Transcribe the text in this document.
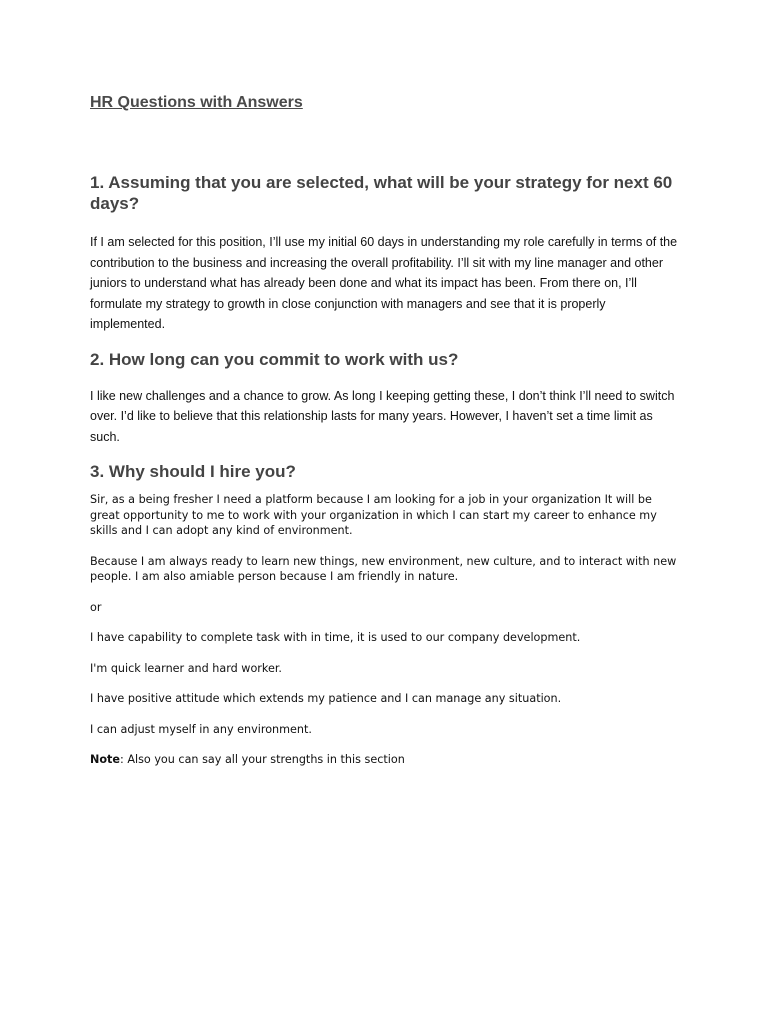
HR Questions with Answers
1. Assuming that you are selected, what will be your strategy for next 60 days?

If I am selected for this position, I’ll use my initial 60 days in understanding my role carefully in terms of the contribution to the business and increasing the overall profitability. I’ll sit with my line manager and other juniors to understand what has already been done and what its impact has been. From there on, I’ll formulate my strategy to growth in close conjunction with managers and see that it is properly implemented.

2. How long can you commit to work with us?

I like new challenges and a chance to grow. As long I keeping getting these, I don’t think I’ll need to switch over. I’d like to believe that this relationship lasts for many years. However, I haven’t set a time limit as such.

3. Why should I hire you?

Sir, as a being fresher I need a platform because I am looking for a job in your organization It will be great opportunity to me to work with your organization in which I can start my career to enhance my skills and I can adopt any kind of environment.

Because I am always ready to learn new things, new environment, new culture, and to interact with new people. I am also amiable person because I am friendly in nature.

or

I have capability to complete task with in time, it is used to our company development.

I'm quick learner and hard worker.

I have positive attitude which extends my patience and I can manage any situation.

I can adjust myself in any environment.

Note: Also you can say all your strengths in this section
